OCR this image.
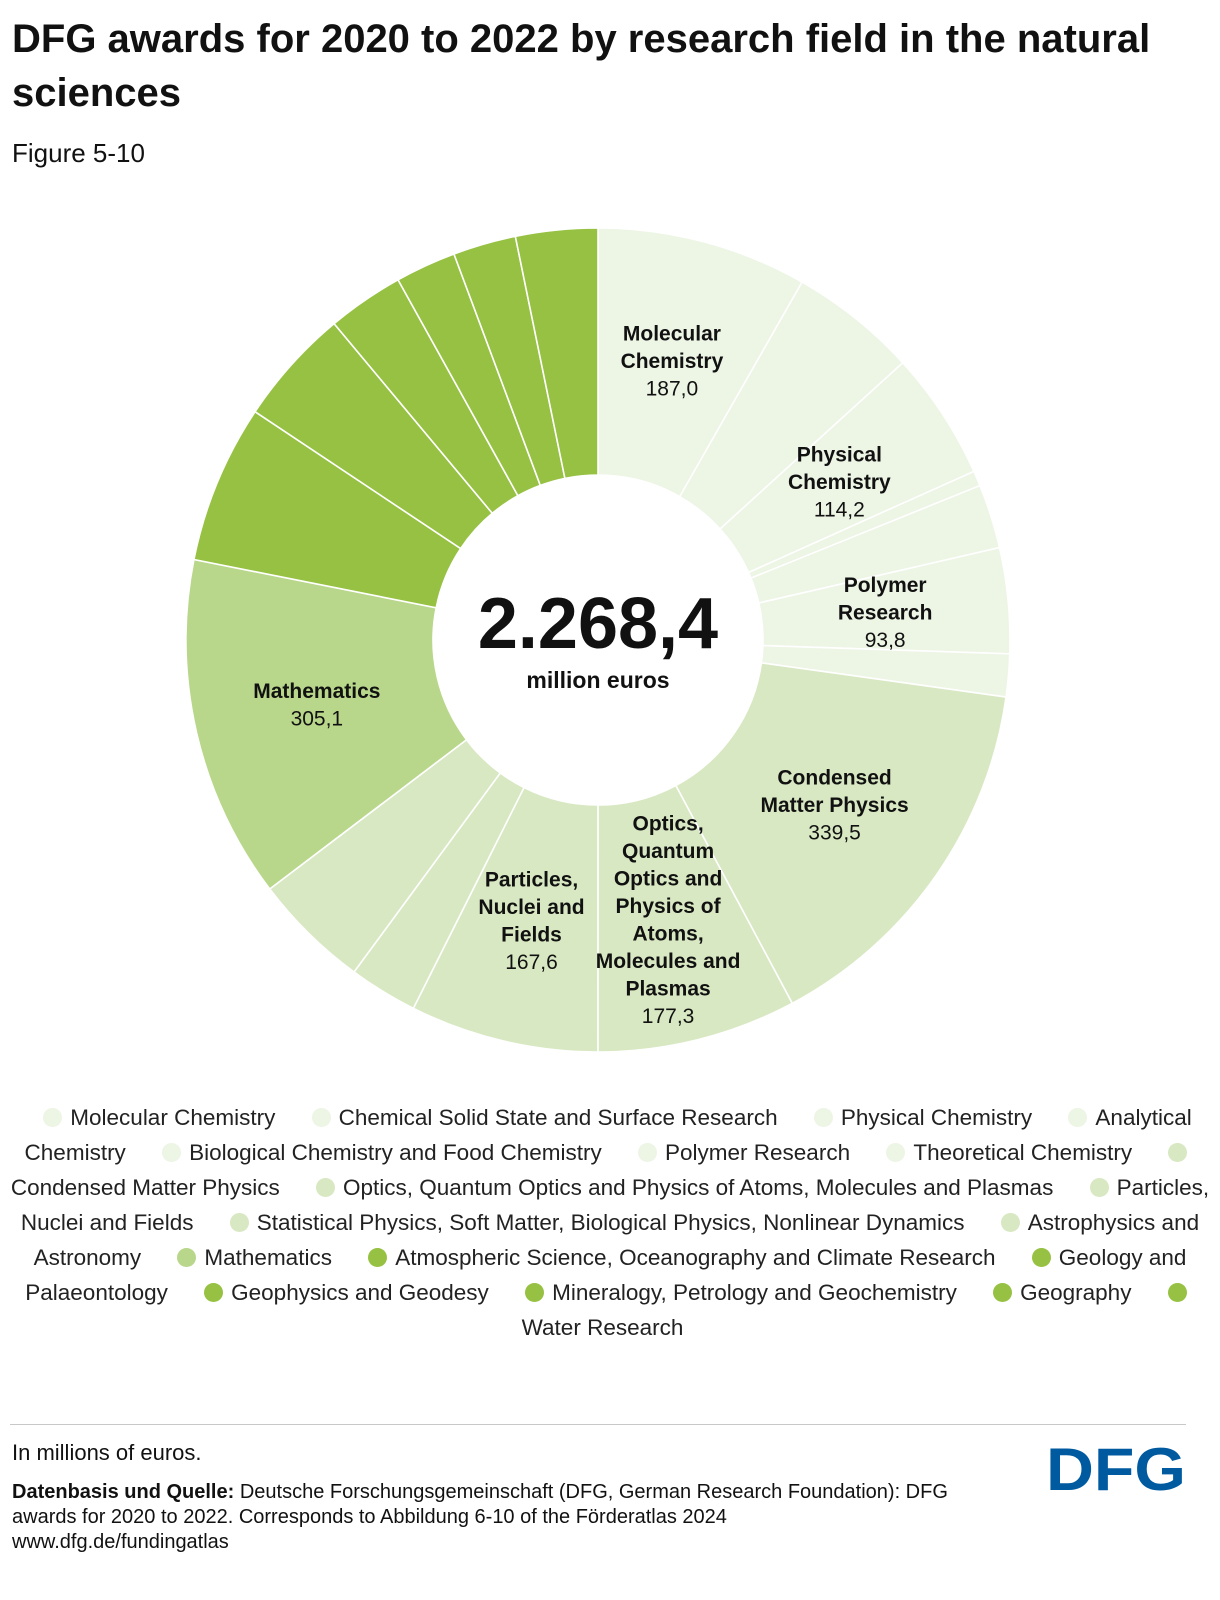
DFG awards for 2020 to 2022 by research field in the natural sciences
Figure 5-10
Molecular Chemistry 187,0
Physical Chemistry 114,2
Polymer Research 93,8
Condensed Matter Physics 339,5
Optics, Quantum Optics and Physics of Atoms, Molecules and Plasmas 177,3
Particles, Nuclei and Fields 167,6
Mathematics 305,1
2.268,4
million euros
Molecular Chemistry	Chemical Solid State and Surface Research	Physical Chemistry	Analytical Chemistry	Biological Chemistry and Food Chemistry	Polymer Research	Theoretical Chemistry Condensed Matter Physics	Optics, Quantum Optics and Physics of Atoms, Molecules and Plasmas	Particles, Nuclei and Fields	Statistical Physics, Soft Matter, Biological Physics, Nonlinear Dynamics	Astrophysics and Astronomy	Mathematics	Atmospheric Science, Oceanography and Climate Research	Geology and Palaeontology	Geophysics and Geodesy	Mineralogy, Petrology and Geochemistry	Geography Water Research
In millions of euros.
Datenbasis und Quelle: Deutsche Forschungsgemeinschaft (DFG, German Research Foundation): DFG awards for 2020 to 2022. Corresponds to Abbildung 6-10 of the Förderatlas 2024
www.dfg.de/fundingatlas
DFG
